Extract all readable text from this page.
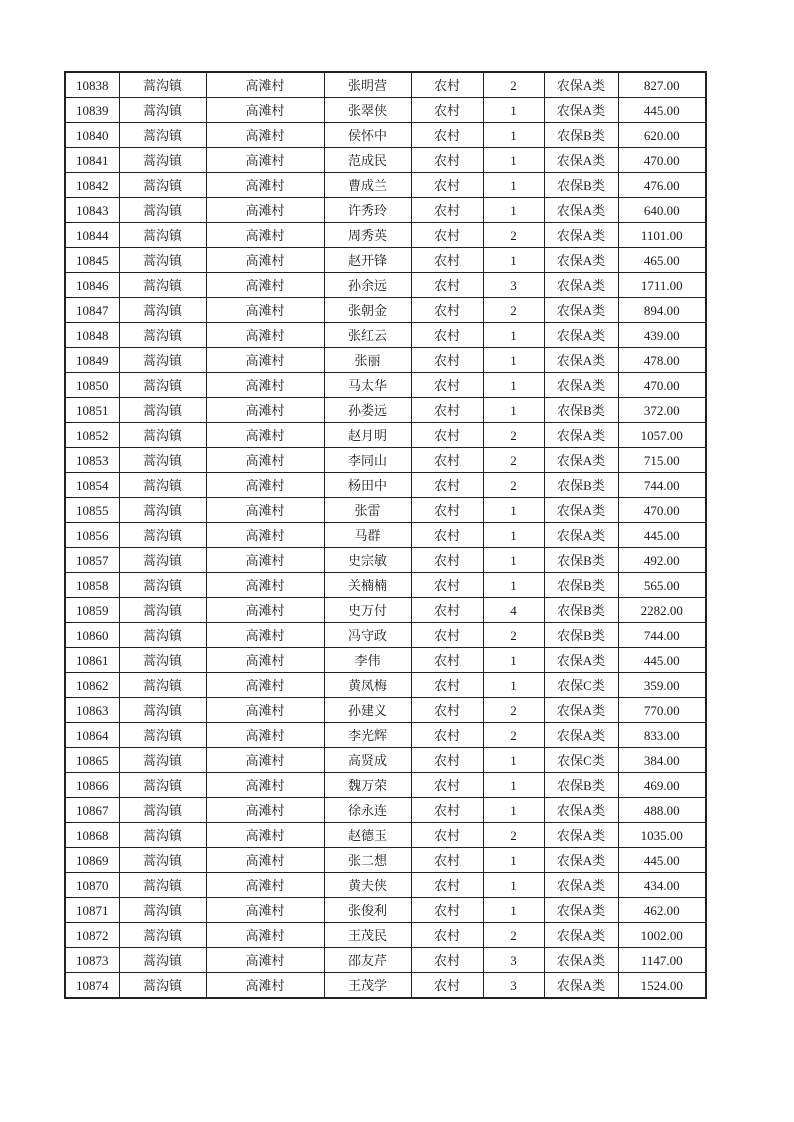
10838	蒿沟镇	高滩村	张明营	农村	2	农保A类	827.00
10839	蒿沟镇	高滩村	张翠侠	农村	1	农保A类	445.00
10840	蒿沟镇	高滩村	侯怀中	农村	1	农保B类	620.00
10841	蒿沟镇	高滩村	范成民	农村	1	农保A类	470.00
10842	蒿沟镇	高滩村	曹成兰	农村	1	农保B类	476.00
10843	蒿沟镇	高滩村	许秀玲	农村	1	农保A类	640.00
10844	蒿沟镇	高滩村	周秀英	农村	2	农保A类	1101.00
10845	蒿沟镇	高滩村	赵开锋	农村	1	农保A类	465.00
10846	蒿沟镇	高滩村	孙余远	农村	3	农保A类	1711.00
10847	蒿沟镇	高滩村	张朝金	农村	2	农保A类	894.00
10848	蒿沟镇	高滩村	张红云	农村	1	农保A类	439.00
10849	蒿沟镇	高滩村	张丽	农村	1	农保A类	478.00
10850	蒿沟镇	高滩村	马太华	农村	1	农保A类	470.00
10851	蒿沟镇	高滩村	孙娄远	农村	1	农保B类	372.00
10852	蒿沟镇	高滩村	赵月明	农村	2	农保A类	1057.00
10853	蒿沟镇	高滩村	李同山	农村	2	农保A类	715.00
10854	蒿沟镇	高滩村	杨田中	农村	2	农保B类	744.00
10855	蒿沟镇	高滩村	张雷	农村	1	农保A类	470.00
10856	蒿沟镇	高滩村	马群	农村	1	农保A类	445.00
10857	蒿沟镇	高滩村	史宗敏	农村	1	农保B类	492.00
10858	蒿沟镇	高滩村	关楠楠	农村	1	农保B类	565.00
10859	蒿沟镇	高滩村	史万付	农村	4	农保B类	2282.00
10860	蒿沟镇	高滩村	冯守政	农村	2	农保B类	744.00
10861	蒿沟镇	高滩村	李伟	农村	1	农保A类	445.00
10862	蒿沟镇	高滩村	黄凤梅	农村	1	农保C类	359.00
10863	蒿沟镇	高滩村	孙建义	农村	2	农保A类	770.00
10864	蒿沟镇	高滩村	李光辉	农村	2	农保A类	833.00
10865	蒿沟镇	高滩村	高贤成	农村	1	农保C类	384.00
10866	蒿沟镇	高滩村	魏万荣	农村	1	农保B类	469.00
10867	蒿沟镇	高滩村	徐永连	农村	1	农保A类	488.00
10868	蒿沟镇	高滩村	赵德玉	农村	2	农保A类	1035.00
10869	蒿沟镇	高滩村	张二想	农村	1	农保A类	445.00
10870	蒿沟镇	高滩村	黄夫侠	农村	1	农保A类	434.00
10871	蒿沟镇	高滩村	张俊利	农村	1	农保A类	462.00
10872	蒿沟镇	高滩村	王茂民	农村	2	农保A类	1002.00
10873	蒿沟镇	高滩村	邵友芹	农村	3	农保A类	1147.00
10874	蒿沟镇	高滩村	王茂学	农村	3	农保A类	1524.00
